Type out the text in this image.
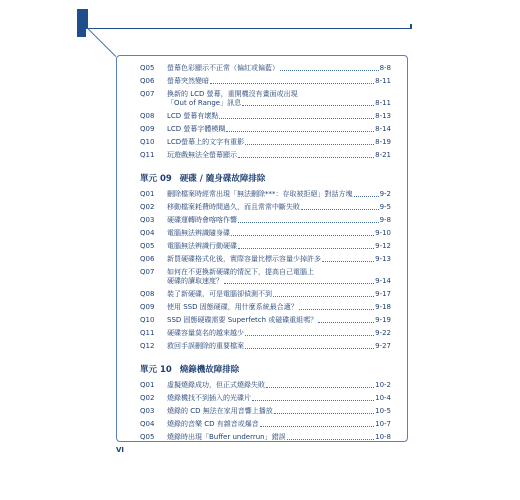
Q05	螢幕色彩顯示不正常（偏紅或偏藍）	8-8
Q06	螢幕突然變暗	8-11
Q07	換新的 LCD 螢幕，重開機沒有畫面或出現
「Out of Range」訊息	8-11
Q08	LCD 螢幕有壞點	8-13
Q09	LCD 螢幕字體模糊	8-14
Q10	LCD螢幕上的文字有重影	8-19
Q11	玩遊戲無法全螢幕顯示	8-21
單元 09 硬碟 / 隨身碟故障排除
Q01	刪除檔案時經常出現「無法刪除***：存取被拒絕」對話方塊	9-2
Q02	移動檔案耗費時間過久，而且常常中斷失敗	9-5
Q03	硬碟運轉時會喀喀作響	9-8
Q04	電腦無法辨識隨身碟	9-10
Q05	電腦無法辨識行動硬碟	9-12
Q06	新買硬碟格式化後，實際容量比標示容量少掉許多	9-13
Q07	如何在不更換新硬碟的情況下，提高自己電腦上
硬碟的讀取速度？	9-14
Q08	裝了新硬碟，可是電腦卻偵測不到	9-17
Q09	使用 SSD 固態硬碟，用什麼系統最合適？	9-18
Q10	SSD 固態硬碟需要 Superfetch 或磁碟重組嗎？	9-19
Q11	硬碟容量莫名的越來越少	9-22
Q12	救回手誤刪除的重要檔案	9-27
單元 10 燒錄機故障排除
Q01	虛擬燒錄成功，但正式燒錄失敗	10-2
Q02	燒錄機找不到插入的光碟片	10-4
Q03	燒錄的 CD 無法在家用音響上播放	10-5
Q04	燒錄的音樂 CD 有雜音或爆音	10-7
Q05	燒錄時出現「Buffer underrun」錯誤	10-8
VI
